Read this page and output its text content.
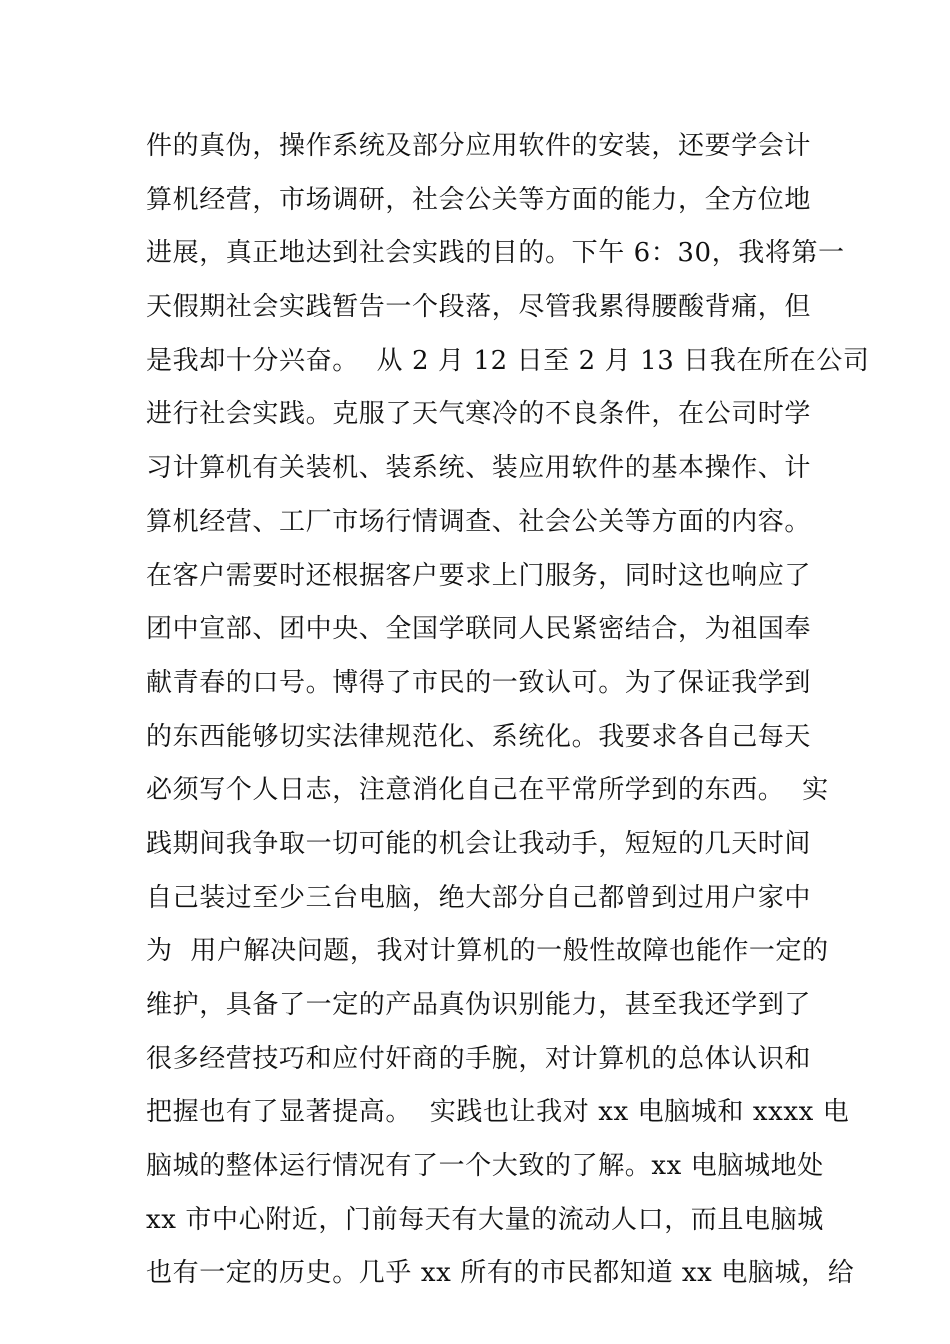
件的真伪，操作系统及部分应用软件的安装，还要学会计
算机经营，市场调研，社会公关等方面的能力，全方位地
进展，真正地达到社会实践的目的。下午 6：30，我将第一
天假期社会实践暂告一个段落，尽管我累得腰酸背痛，但
是我却十分兴奋。  从 2 月 12 日至 2 月 13 日我在所在公司
进行社会实践。克服了天气寒冷的不良条件，在公司时学
习计算机有关装机、装系统、装应用软件的基本操作、计
算机经营、工厂市场行情调查、社会公关等方面的内容。
在客户需要时还根据客户要求上门服务，同时这也响应了
团中宣部、团中央、全国学联同人民紧密结合，为祖国奉
献青春的口号。博得了市民的一致认可。为了保证我学到
的东西能够切实法律规范化、系统化。我要求各自己每天
必须写个人日志，注意消化自己在平常所学到的东西。  实
践期间我争取一切可能的机会让我动手，短短的几天时间
自己装过至少三台电脑，绝大部分自己都曾到过用户家中
为  用户解决问题，我对计算机的一般性故障也能作一定的
维护，具备了一定的产品真伪识别能力，甚至我还学到了
很多经营技巧和应付奸商的手腕，对计算机的总体认识和
把握也有了显著提高。  实践也让我对 xx 电脑城和 xxxx 电
脑城的整体运行情况有了一个大致的了解。xx 电脑城地处
xx 市中心附近，门前每天有大量的流动人口，而且电脑城
也有一定的历史。几乎 xx 所有的市民都知道 xx 电脑城，给
